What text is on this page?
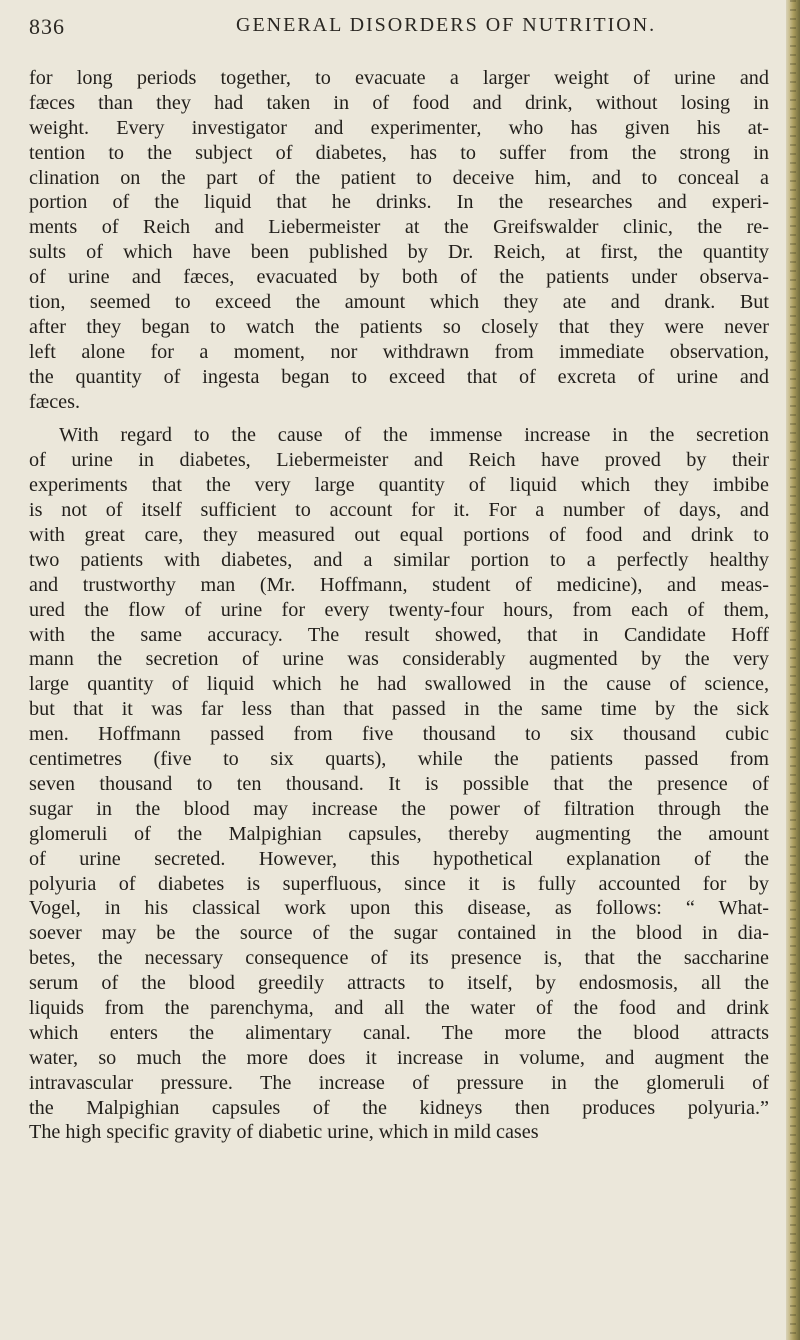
836	GENERAL DISORDERS OF NUTRITION.

for long periods together, to evacuate a larger weight of urine and
fæces than they had taken in of food and drink, without losing in
weight. Every investigator and experimenter, who has given his at-
tention to the subject of diabetes, has to suffer from the strong in
clination on the part of the patient to deceive him, and to conceal a
portion of the liquid that he drinks. In the researches and experi-
ments of Reich and Liebermeister at the Greifswalder clinic, the re-
sults of which have been published by Dr. Reich, at first, the quantity
of urine and fæces, evacuated by both of the patients under observa-
tion, seemed to exceed the amount which they ate and drank. But
after they began to watch the patients so closely that they were never
left alone for a moment, nor withdrawn from immediate observation,
the quantity of ingesta began to exceed that of excreta of urine and
fæces.

With regard to the cause of the immense increase in the secretion
of urine in diabetes, Liebermeister and Reich have proved by their
experiments that the very large quantity of liquid which they imbibe
is not of itself sufficient to account for it. For a number of days, and
with great care, they measured out equal portions of food and drink to
two patients with diabetes, and a similar portion to a perfectly healthy
and trustworthy man (Mr. Hoffmann, student of medicine), and meas-
ured the flow of urine for every twenty-four hours, from each of them,
with the same accuracy. The result showed, that in Candidate Hoff
mann the secretion of urine was considerably augmented by the very
large quantity of liquid which he had swallowed in the cause of science,
but that it was far less than that passed in the same time by the sick
men. Hoffmann passed from five thousand to six thousand cubic
centimetres (five to six quarts), while the patients passed from
seven thousand to ten thousand. It is possible that the presence of
sugar in the blood may increase the power of filtration through the
glomeruli of the Malpighian capsules, thereby augmenting the amount
of urine secreted. However, this hypothetical explanation of the
polyuria of diabetes is superfluous, since it is fully accounted for by
Vogel, in his classical work upon this disease, as follows: “ What-
soever may be the source of the sugar contained in the blood in dia-
betes, the necessary consequence of its presence is, that the saccharine
serum of the blood greedily attracts to itself, by endosmosis, all the
liquids from the parenchyma, and all the water of the food and drink
which enters the alimentary canal. The more the blood attracts
water, so much the more does it increase in volume, and augment the
intravascular pressure. The increase of pressure in the glomeruli of
the Malpighian capsules of the kidneys then produces polyuria.”
The high specific gravity of diabetic urine, which in mild cases
